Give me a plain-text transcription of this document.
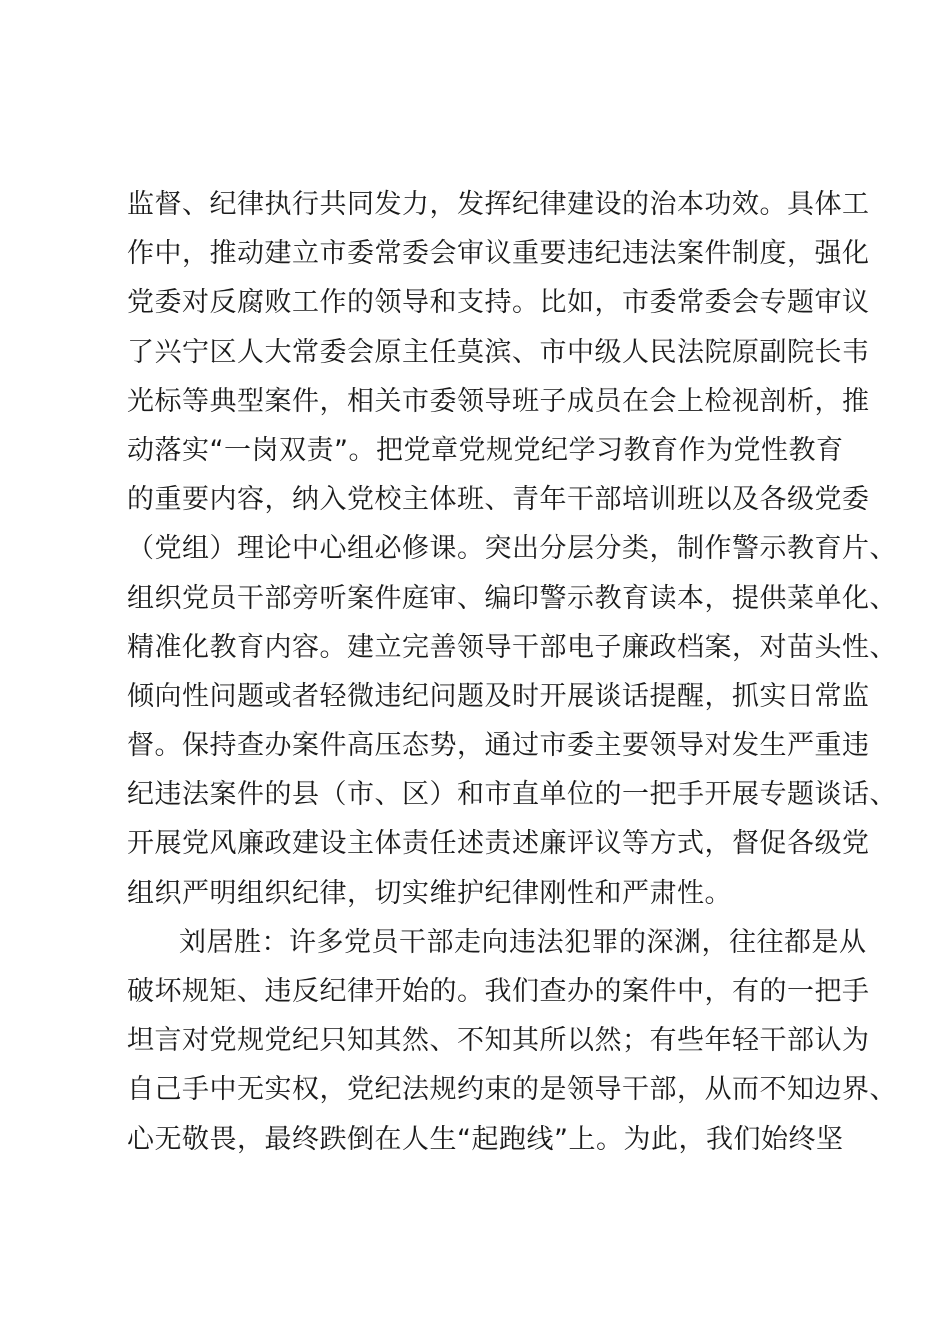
监督、纪律执行共同发力，发挥纪律建设的治本功效。具体工
作中，推动建立市委常委会审议重要违纪违法案件制度，强化
党委对反腐败工作的领导和支持。比如，市委常委会专题审议
了兴宁区人大常委会原主任莫滨、市中级人民法院原副院长韦
光标等典型案件，相关市委领导班子成员在会上检视剖析，推
动落实“一岗双责”。把党章党规党纪学习教育作为党性教育
的重要内容，纳入党校主体班、青年干部培训班以及各级党委
（党组）理论中心组必修课。突出分层分类，制作警示教育片、
组织党员干部旁听案件庭审、编印警示教育读本，提供菜单化、
精准化教育内容。建立完善领导干部电子廉政档案，对苗头性、
倾向性问题或者轻微违纪问题及时开展谈话提醒，抓实日常监
督。保持查办案件高压态势，通过市委主要领导对发生严重违
纪违法案件的县（市、区）和市直单位的一把手开展专题谈话、
开展党风廉政建设主体责任述责述廉评议等方式，督促各级党
组织严明组织纪律，切实维护纪律刚性和严肃性。
刘居胜：许多党员干部走向违法犯罪的深渊，往往都是从
破坏规矩、违反纪律开始的。我们查办的案件中，有的一把手
坦言对党规党纪只知其然、不知其所以然；有些年轻干部认为
自己手中无实权，党纪法规约束的是领导干部，从而不知边界、
心无敬畏，最终跌倒在人生“起跑线”上。为此，我们始终坚
